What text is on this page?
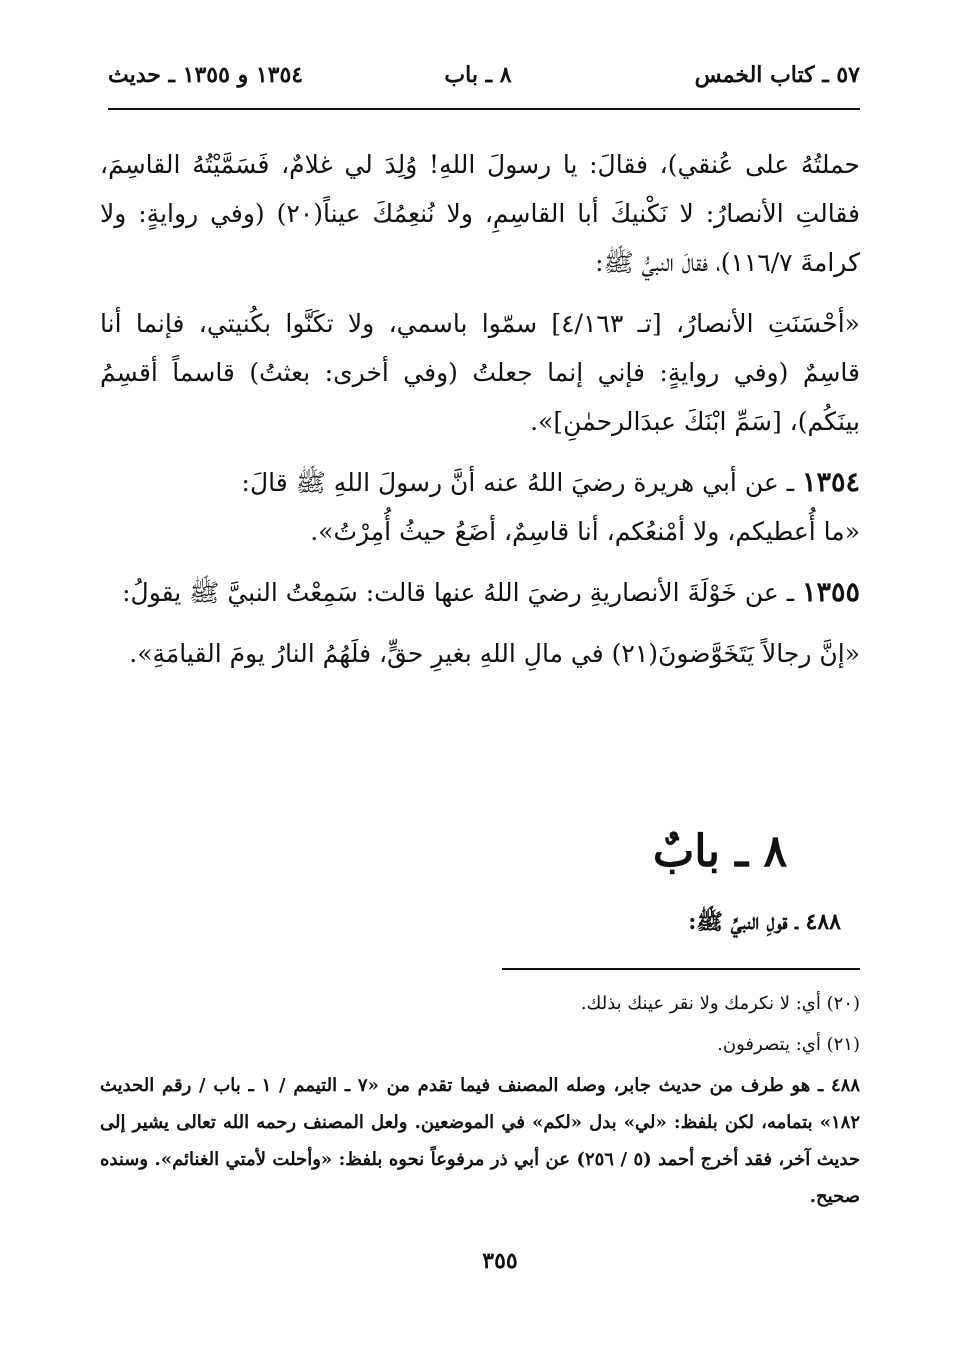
٥٧ ـ كتاب الخمس
٨ ـ باب
١٣٥٤ و ١٣٥٥ ـ حديث

حملتُهُ على عُنقي)، فقالَ: يا رسولَ اللهِ! وُلِدَ لي غلامٌ، فَسَمَّيْتُهُ القاسِمَ، فقالتِ الأنصارُ: لا نَكْنيكَ أبا القاسِمِ، ولا نُنعِمُكَ عيناً(٢٠) (وفي روايةٍ: ولا كرامةَ ١١٦/٧)، فقالَ النبيُّ ﷺ:

«أحْسَنَتِ الأنصارُ، [تـ ٤/١٦٣] سمّوا باسمي، ولا تكَنَّوا بكُنيتي، فإنما أنا قاسِمٌ (وفي روايةٍ: فإني إنما جعلتُ (وفي أخرى: بعثتُ) قاسماً أقسِمُ بينَكُم)، [سَمِّ ابْنَكَ عبدَالرحمٰنِ]».

١٣٥٤ ـ عن أبي هريرة رضيَ اللهُ عنه أنَّ رسولَ اللهِ ﷺ قالَ:
«ما أُعطيكم، ولا أمْنعُكم، أنا قاسِمٌ، أضَعُ حيثُ أُمِرْتُ».

١٣٥٥ ـ عن خَوْلَةَ الأنصاريةِ رضيَ اللهُ عنها قالت: سَمِعْتُ النبيَّ ﷺ يقولُ:

«إنَّ رجالاً يَتَخَوَّضونَ(٢١) في مالِ اللهِ بغيرِ حقٍّ، فلَهُمُ النارُ يومَ القيامَةِ».

٨ ـ بابٌ
٤٨٨ ـ قولِ النبيِّ ﷺ:

(٢٠) أي: لا نكرمك ولا نقر عينك بذلك.

(٢١) أي: يتصرفون.

٤٨٨ ـ هو طرف من حديث جابر، وصله المصنف فيما تقدم من «٧ ـ التيمم / ١ ـ باب / رقم الحديث ١٨٢» بتمامه، لكن بلفظ: «لي» بدل «لكم» في الموضعين. ولعل المصنف رحمه الله تعالى يشير إلى حديث آخر، فقد أخرج أحمد (٥ / ٢٥٦) عن أبي ذر مرفوعاً نحوه بلفظ: «وأحلت لأمتي الغنائم». وسنده صحيح.

٣٥٥
